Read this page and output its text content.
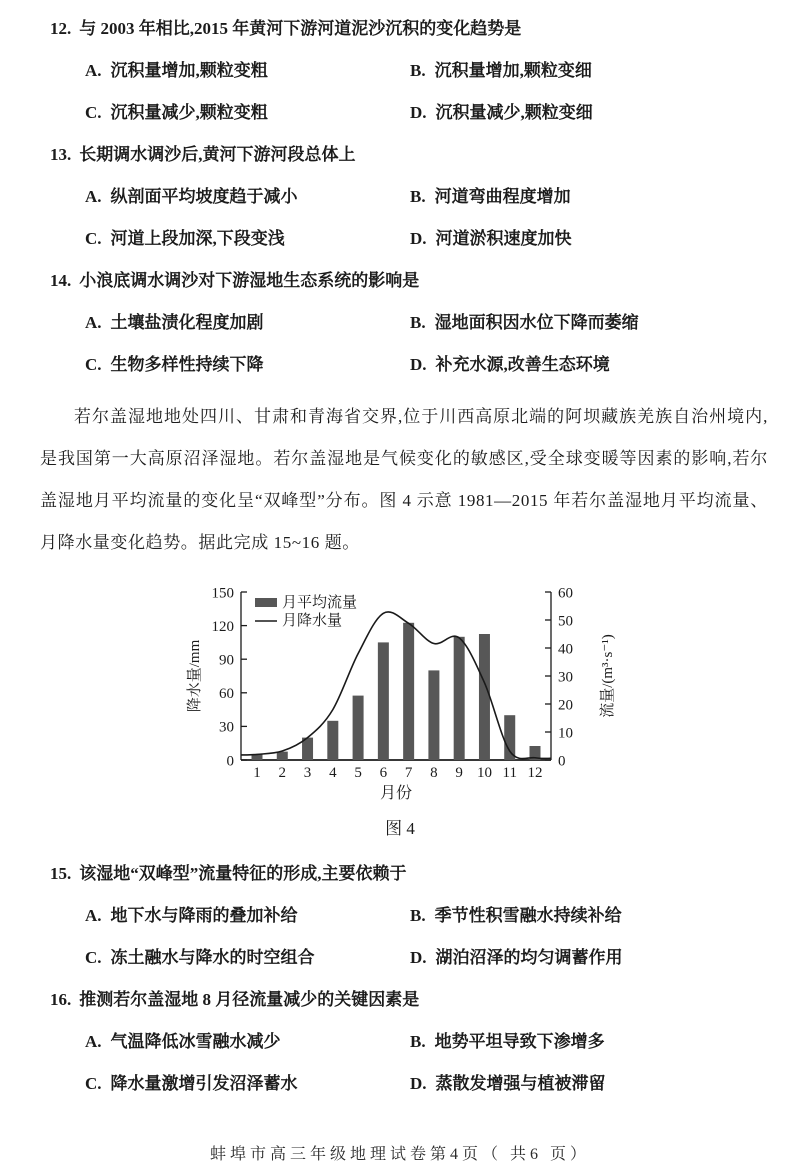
12. 与 2003 年相比,2015 年黄河下游河道泥沙沉积的变化趋势是
A. 沉积量增加,颗粒变粗	B. 沉积量增加,颗粒变细
C. 沉积量减少,颗粒变粗	D. 沉积量减少,颗粒变细
13. 长期调水调沙后,黄河下游河段总体上
A. 纵剖面平均坡度趋于减小	B. 河道弯曲程度增加
C. 河道上段加深,下段变浅	D. 河道淤积速度加快
14. 小浪底调水调沙对下游湿地生态系统的影响是
A. 土壤盐渍化程度加剧	B. 湿地面积因水位下降而萎缩
C. 生物多样性持续下降	D. 补充水源,改善生态环境

若尔盖湿地地处四川、甘肃和青海省交界,位于川西高原北端的阿坝藏族羌族自治州境内,是我国第一大高原沼泽湿地。若尔盖湿地是气候变化的敏感区,受全球变暖等因素的影响,若尔盖湿地月平均流量的变化呈“双峰型”分布。图 4 示意 1981—2015 年若尔盖湿地月平均流量、月降水量变化趋势。据此完成 15~16 题。

0
30
60
90
120
150
降水量/mm
0
10
20
30
40
50
60
流量/(m³·s⁻¹)
1 2 3 4 5 6 7 8 9 10 11 12
月份
月平均流量
月降水量
图 4
15. 该湿地“双峰型”流量特征的形成,主要依赖于
A. 地下水与降雨的叠加补给	B. 季节性积雪融水持续补给
C. 冻土融水与降水的时空组合	D. 湖泊沼泽的均匀调蓄作用
16. 推测若尔盖湿地 8 月径流量减少的关键因素是
A. 气温降低冰雪融水减少	B. 地势平坦导致下渗增多
C. 降水量激增引发沼泽蓄水	D. 蒸散发增强与植被滞留
蚌埠市高三年级地理试卷第4页（ 共6 页）
